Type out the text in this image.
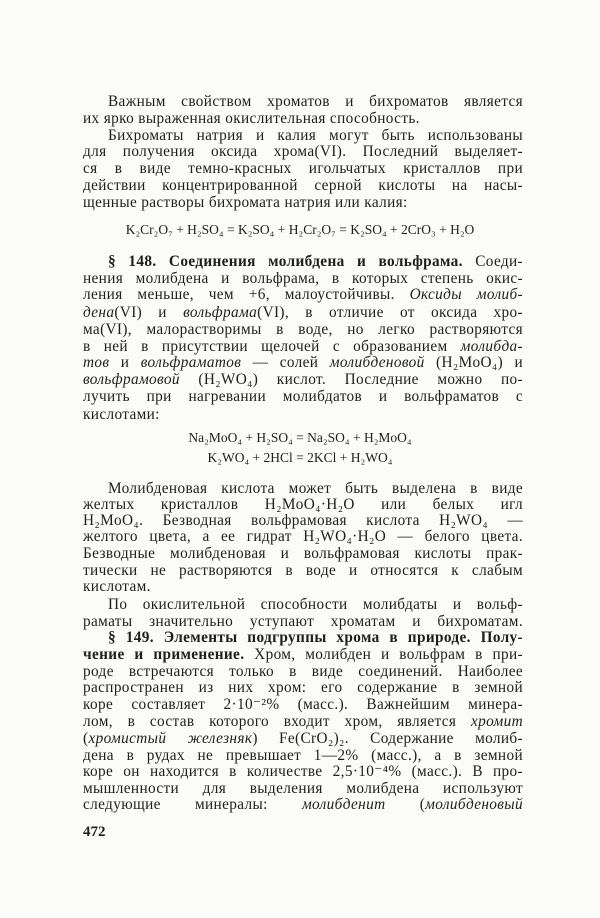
Важным свойством хроматов и бихроматов является
их ярко выраженная окислительная способность.
Бихроматы натрия и калия могут быть использованы
для получения оксида хрома(VI). Последний выделяет-
ся в виде темно-красных игольчатых кристаллов при
действии концентрированной серной кислоты на насы-
щенные растворы бихромата натрия или калия:
K₂Cr₂O₇ + H₂SO₄ = K₂SO₄ + H₂Cr₂O₇ = K₂SO₄ + 2CrO₃ + H₂O
§ 148. Соединения молибдена и вольфрама. Соеди-
нения молибдена и вольфрама, в которых степень окис-
ления меньше, чем +6, малоустойчивы. Оксиды молиб-
дена(VI) и вольфрама(VI), в отличие от оксида хро-
ма(VI), малорастворимы в воде, но легко растворяются
в ней в присутствии щелочей с образованием молибда-
тов и вольфраматов — солей молибденовой (H₂MoO₄) и
вольфрамовой (H₂WO₄) кислот. Последние можно по-
лучить при нагревании молибдатов и вольфраматов с
кислотами:
Na₂MoO₄ + H₂SO₄ = Na₂SO₄ + H₂MoO₄
K₂WO₄ + 2HCl = 2KCl + H₂WO₄
Молибденовая кислота может быть выделена в виде
желтых кристаллов H₂MoO₄·H₂O или белых игл
H₂MoO₄. Безводная вольфрамовая кислота H₂WO₄ —
желтого цвета, а ее гидрат H₂WO₄·H₂O — белого цвета.
Безводные молибденовая и вольфрамовая кислоты прак-
тически не растворяются в воде и относятся к слабым
кислотам.
По окислительной способности молибдаты и вольф-
раматы значительно уступают хроматам и бихроматам.
§ 149. Элементы подгруппы хрома в природе. Полу-
чение и применение. Хром, молибден и вольфрам в при-
роде встречаются только в виде соединений. Наиболее
распространен из них хром: его содержание в земной
коре составляет 2·10⁻²% (масс.). Важнейшим минера-
лом, в состав которого входит хром, является хромит
(хромистый железняк) Fe(CrO₂)₂. Содержание молиб-
дена в рудах не превышает 1—2% (масс.), а в земной
коре он находится в количестве 2,5·10⁻⁴% (масс.). В про-
мышленности для выделения молибдена используют
следующие минералы: молибденит (молибденовый
472
